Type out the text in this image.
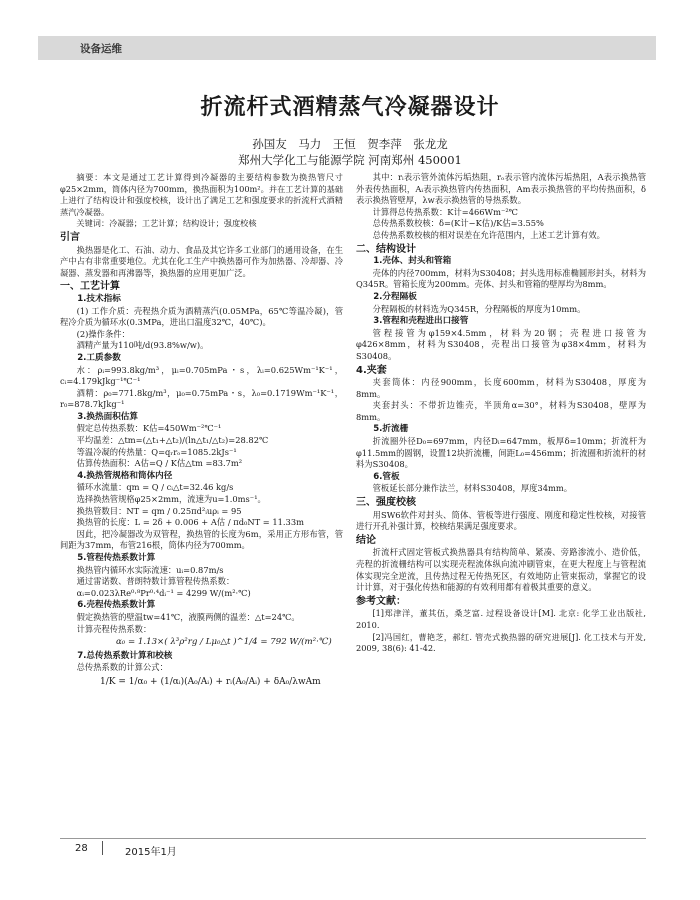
设备运维
折流杆式酒精蒸气冷凝器设计
孙国友　马力　王恒　贺李萍　张龙龙
郑州大学化工与能源学院 河南郑州 450001

摘要：本文是通过工艺计算得到冷凝器的主要结构参数为换热管尺寸φ25×2mm，筒体内径为700mm，换热面积为100m²。并在工艺计算的基础上进行了结构设计和强度校核，设计出了满足工艺和强度要求的折流杆式酒精蒸汽冷凝器。

关键词：冷凝器；工艺计算；结构设计；强度校核

引言

换热器是化工、石油、动力、食品及其它许多工业部门的通用设备，在生产中占有非常重要地位。尤其在化工生产中换热器可作为加热器、冷却器、冷凝器、蒸发器和再沸器等，换热器的应用更加广泛。

一、工艺计算
1.技术指标

(1) 工作介质：壳程热介质为酒精蒸汽(0.05MPa，65℃等温冷凝)，管程冷介质为循环水(0.3MPa，进出口温度32℃，40℃)。

(2)操作条件：

酒精产量为110吨/d(93.8%w/w)。

2.工质参数

水：ρᵢ=993.8kg/m³，μᵢ=0.705mPa・s，λᵢ=0.625Wm⁻¹K⁻¹，cᵢ=4.179kJkg⁻¹℃⁻¹

酒精：ρ₀=771.8kg/m³，μ₀=0.75mPa・s，λ₀=0.1719Wm⁻¹K⁻¹，r₀=878.7kJkg⁻¹

3.换热面积估算

假定总传热系数：K估=450Wm⁻²℃⁻¹

平均温差：△tm=(△t₁+△t₂)/(ln△t₁/△t₂)=28.82℃

等温冷凝的传热量：Q=qᵣrₒ=1085.2kJs⁻¹

估算传热面积：A估=Q / K估△tm =83.7m²

4.换热管规格和筒体内径

循环水流量：qm = Q / cᵢ△t=32.46 kg/s

选择换热管规格φ25×2mm，流速为u=1.0ms⁻¹。

换热管数目：NT = qm / 0.25πd²ᵢuρᵢ = 95

换热管的长度：L = 2δ + 0.006 + A估 / πd₀NT = 11.33m

因此，把冷凝器改为双管程，换热管的长度为6m，采用正方形布管，管间距为37mm，布管216根，筒体内径为700mm。

5.管程传热系数计算

换热管内循环水实际流速：uᵢ=0.87m/s

通过雷诺数、普朗特数计算管程传热系数：

αᵢ=0.023λRe⁰·⁸Pr⁰·⁴dᵢ⁻¹ = 4299 W/(m²·℃)

6.壳程传热系数计算

假定换热管的壁温tw=41℃，液膜两侧的温差：△t=24℃。

计算壳程传热系数：

α₀ = 1.13×( λ³ρ²rg / Lμ₀△t )^1/4 = 792 W/(m²·℃)
7.总传热系数计算和校核

总传热系数的计算公式：

1/K = 1/α₀ + (1/αᵢ)(A₀/Aᵢ) + rᵢ(A₀/Aᵢ) + δA₀/λwAm

其中：rᵢ表示管外流体污垢热阻，rₒ表示管内流体污垢热阻，A表示换热管外表传热面积，Aᵢ表示换热管内传热面积，Am表示换热管的平均传热面积，δ表示换热管壁厚，λw表示换热管的导热系数。

计算得总传热系数：K计=466Wm⁻²℃

总传热系数校核：δ=(K计−K估)/K估=3.55%

总传热系数校核的相对误差在允许范围内，上述工艺计算有效。

二、结构设计
1.壳体、封头和管箱

壳体的内径700mm，材料为S30408；封头选用标准椭圆形封头，材料为Q345R。管箱长度为200mm。壳体、封头和管箱的壁厚均为8mm。

2.分程隔板

分程隔板的材料选为Q345R，分程隔板的厚度为10mm。

3.管程和壳程进出口接管

管程接管为φ159×4.5mm，材料为20钢；壳程进口接管为φ426×8mm，材料为S30408，壳程出口接管为φ38×4mm，材料为S30408。

4.夹套

夹套筒体：内径900mm，长度600mm，材料为S30408，厚度为8mm。

夹套封头：不带折边锥壳，半顶角α=30°，材料为S30408，壁厚为8mm。

5.折流栅

折流圈外径D₀=697mm，内径Dᵢ=647mm，板厚δ=10mm；折流杆为φ11.5mm的圆钢，设置12块折流栅，间距L₀=456mm；折流圈和折流杆的材料为S30408。

6.管板

管板延长部分兼作法兰，材料S30408，厚度34mm。

三、强度校核

用SW6软件对封头、筒体、管板等进行强度、刚度和稳定性校核，对接管进行开孔补强计算，校核结果满足强度要求。

结论

折流杆式固定管板式换热器具有结构简单、紧凑、旁路渗流小、造价低，壳程的折流栅结构可以实现壳程流体纵向流冲刷管束，在更大程度上与管程流体实现完全逆流，且传热过程无传热死区，有效地防止管束振动，掌握它的设计计算，对于强化传热和能源的有效利用都有着极其重要的意义。

参考文献：

[1]郑津洋，董其伍，桑芝富. 过程设备设计[M]. 北京: 化学工业出版社, 2010.

[2]冯国红，曹艳芝，郝红. 管壳式换热器的研究进展[J]. 化工技术与开发, 2009, 38(6): 41-42.

28	2015年1月
